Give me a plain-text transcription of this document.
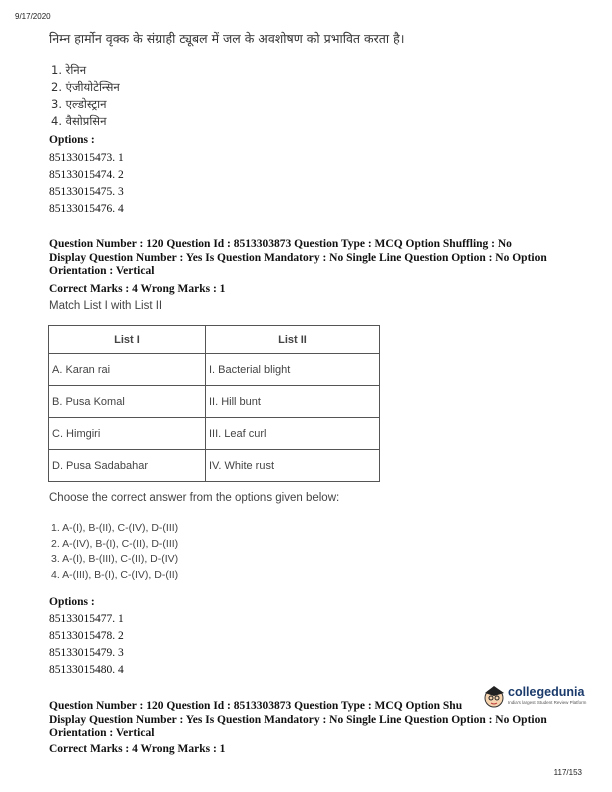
9/17/2020
निम्न हार्मोन वृक्क के संग्राही ट्यूबल में जल के अवशोषण को प्रभावित करता है।
1. रेनिन
2. एंजीयोटेन्सिन
3. एल्डोस्ट्रान
4. वैसोप्रसिन
Options :
85133015473. 1
85133015474. 2
85133015475. 3
85133015476. 4
Question Number : 120 Question Id : 8513303873 Question Type : MCQ Option Shuffling : No
Display Question Number : Yes Is Question Mandatory : No Single Line Question Option : No Option
Orientation : Vertical
Correct Marks : 4 Wrong Marks : 1
Match List I with List II
List I	List II
A. Karan rai	I. Bacterial blight
B. Pusa Komal	II. Hill bunt
C. Himgiri	III. Leaf curl
D. Pusa Sadabahar	IV. White rust
Choose the correct answer from the options given below:
1. A-(I), B-(II), C-(IV), D-(III)
2. A-(IV), B-(I), C-(II), D-(III)
3. A-(I), B-(III), C-(II), D-(IV)
4. A-(III), B-(I), C-(IV), D-(II)
Options :
85133015477. 1
85133015478. 2
85133015479. 3
85133015480. 4
Question Number : 120 Question Id : 8513303873 Question Type : MCQ Option Shu
Display Question Number : Yes Is Question Mandatory : No Single Line Question Option : No Option
Orientation : Vertical
Correct Marks : 4 Wrong Marks : 1
collegedunia
India's largest Student Review Platform
117/153
